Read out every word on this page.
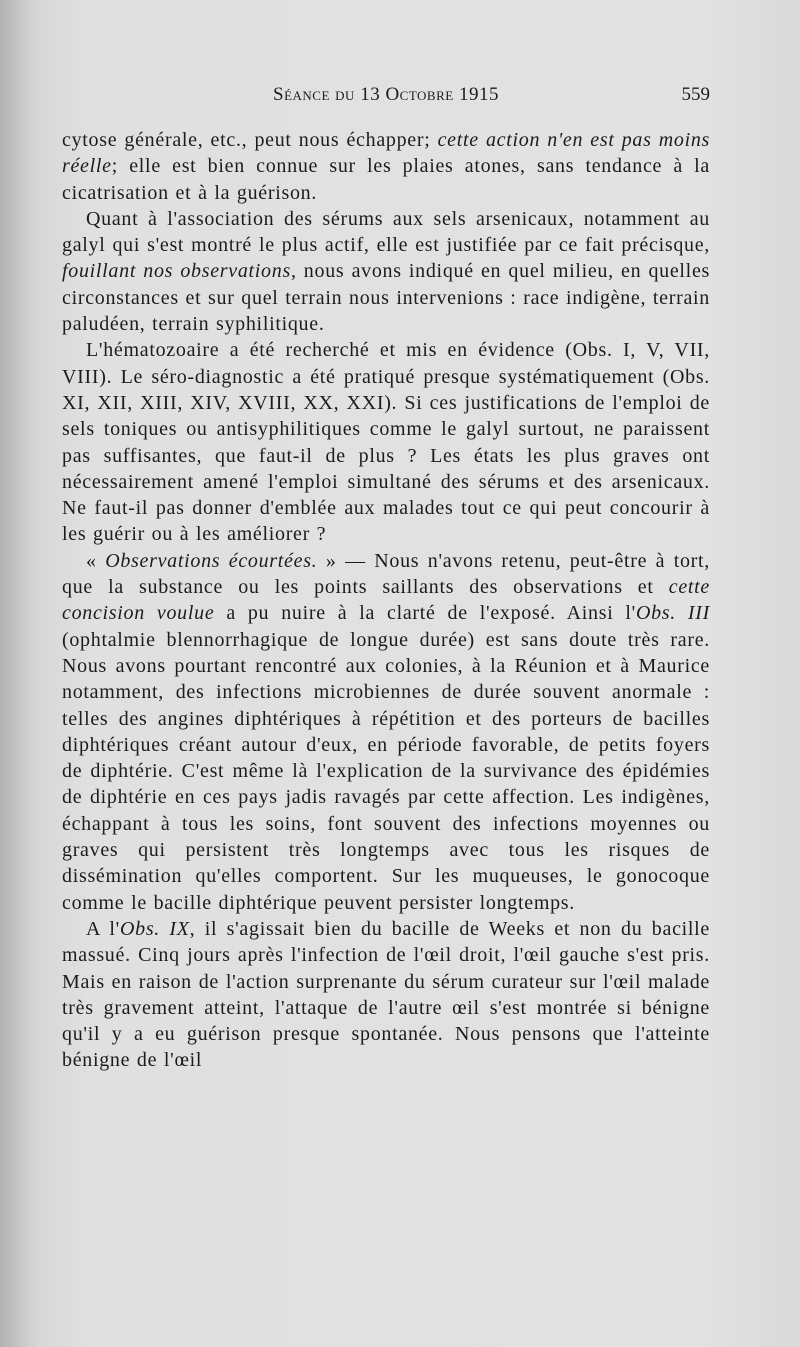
Séance du 13 Octobre 1915	559

cytose générale, etc., peut nous échapper; cette action n'en est pas moins réelle; elle est bien connue sur les plaies atones, sans tendance à la cicatrisation et à la guérison.

Quant à l'association des sérums aux sels arsenicaux, notamment au galyl qui s'est montré le plus actif, elle est justifiée par ce fait précisque, fouillant nos observations, nous avons indiqué en quel milieu, en quelles circonstances et sur quel terrain nous intervenions : race indigène, terrain paludéen, terrain syphilitique.

L'hématozoaire a été recherché et mis en évidence (Obs. I, V, VII, VIII). Le séro-diagnostic a été pratiqué presque systématiquement (Obs. XI, XII, XIII, XIV, XVIII, XX, XXI). Si ces justifications de l'emploi de sels toniques ou antisyphilitiques comme le galyl surtout, ne paraissent pas suffisantes, que faut-il de plus ? Les états les plus graves ont nécessairement amené l'emploi simultané des sérums et des arsenicaux. Ne faut-il pas donner d'emblée aux malades tout ce qui peut concourir à les guérir ou à les améliorer ?

« Observations écourtées. » — Nous n'avons retenu, peut-être à tort, que la substance ou les points saillants des observations et cette concision voulue a pu nuire à la clarté de l'exposé. Ainsi l'Obs. III (ophtalmie blennorrhagique de longue durée) est sans doute très rare. Nous avons pourtant rencontré aux colonies, à la Réunion et à Maurice notamment, des infections microbiennes de durée souvent anormale : telles des angines diphtériques à répétition et des porteurs de bacilles diphtériques créant autour d'eux, en période favorable, de petits foyers de diphtérie. C'est même là l'explication de la survivance des épidémies de diphtérie en ces pays jadis ravagés par cette affection. Les indigènes, échappant à tous les soins, font souvent des infections moyennes ou graves qui persistent très longtemps avec tous les risques de dissémination qu'elles comportent. Sur les muqueuses, le gonocoque comme le bacille diphtérique peuvent persister longtemps.

A l'Obs. IX, il s'agissait bien du bacille de Weeks et non du bacille massué. Cinq jours après l'infection de l'œil droit, l'œil gauche s'est pris. Mais en raison de l'action surprenante du sérum curateur sur l'œil malade très gravement atteint, l'attaque de l'autre œil s'est montrée si bénigne qu'il y a eu guérison presque spontanée. Nous pensons que l'atteinte bénigne de l'œil
